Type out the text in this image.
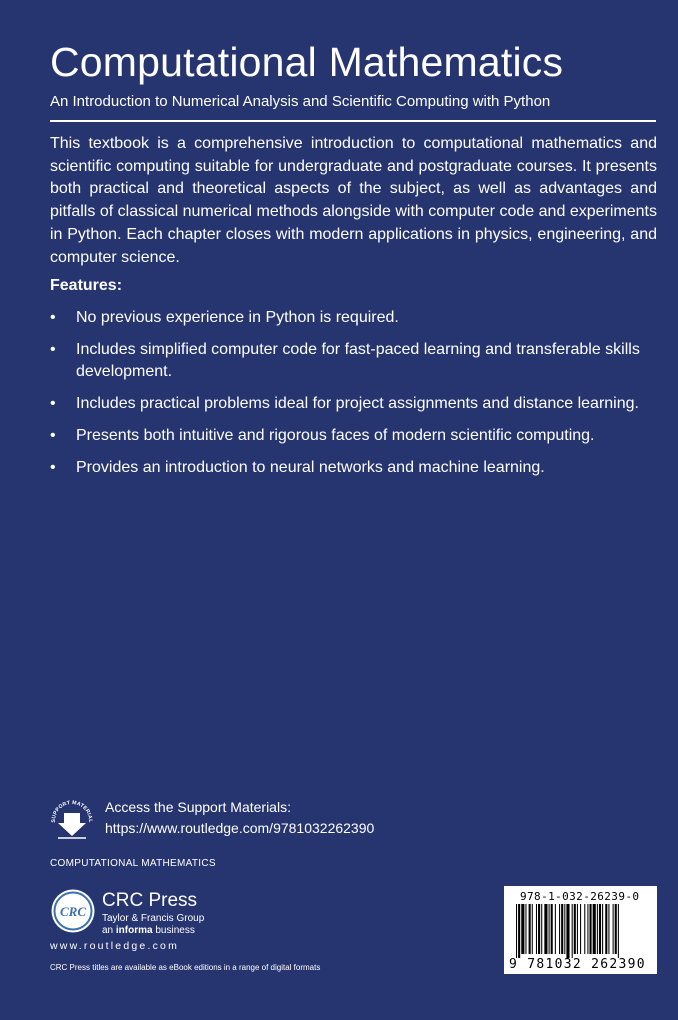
Computational Mathematics
An Introduction to Numerical Analysis and Scientific Computing with Python

This textbook is a comprehensive introduction to computational mathematics and scientific computing suitable for undergraduate and postgraduate courses. It presents both practical and theoretical aspects of the subject, as well as advantages and pitfalls of classical numerical methods alongside with computer code and experiments in Python. Each chapter closes with modern applications in physics, engineering, and computer science.

Features:
• No previous experience in Python is required.
• Includes simplified computer code for fast-paced learning and transferable skills development.
• Includes practical problems ideal for project assignments and distance learning.
• Presents both intuitive and rigorous faces of modern scientific computing.
• Provides an introduction to neural networks and machine learning.
SUPPORT MATERIAL
Access the Support Materials:
https://www.routledge.com/9781032262390
COMPUTATIONAL MATHEMATICS
CRC
CRC Press
Taylor & Francis Group
an informa business
www.routledge.com
CRC Press titles are available as eBook editions in a range of digital formats
978-1-032-26239-0
9 781032 262390
